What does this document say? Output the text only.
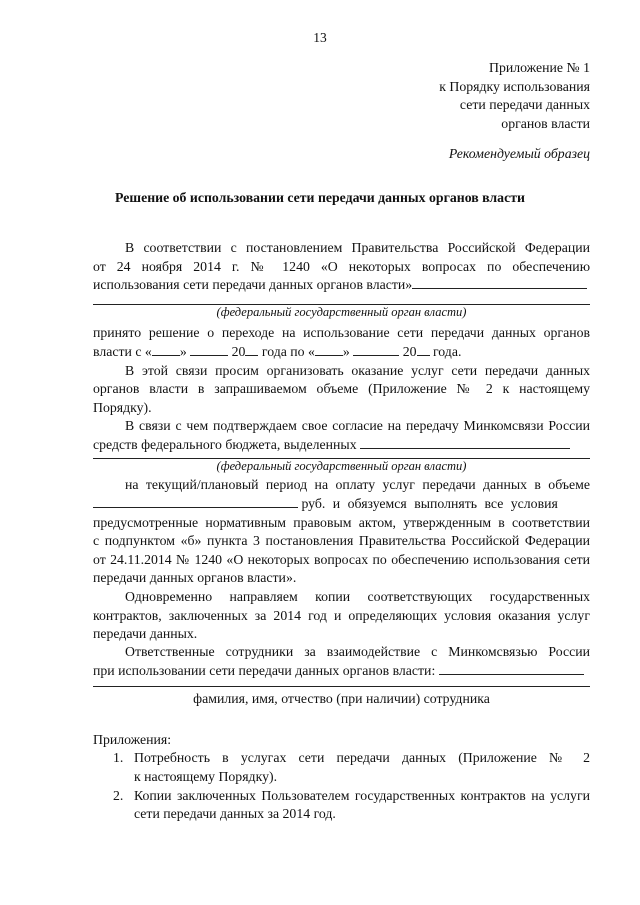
13
Приложение № 1
к Порядку использования
сети передачи данных
органов власти
Рекомендуемый образец
Решение об использовании сети передачи данных органов власти
В соответствии с постановлением Правительства Российской Федерации
от 24 ноября 2014 г. № 1240 «О некоторых вопросах по обеспечению
использования сети передачи данных органов власти»
(федеральный государственный орган власти)
принято решение о переходе на использование сети передачи данных органов
власти с « »	20 года по « »	20 года.
В этой связи просим организовать оказание услуг сети передачи данных
органов власти в запрашиваемом объеме (Приложение № 2 к настоящему
Порядку).
В связи с чем подтверждаем свое согласие на передачу Минкомсвязи России
средств федерального бюджета, выделенных
(федеральный государственный орган власти)
на текущий/плановый период на оплату услуг передачи данных в объеме
руб. и обязуемся выполнять все условия
предусмотренные нормативным правовым актом, утвержденным в соответствии
с подпунктом «б» пункта 3 постановления Правительства Российской Федерации
от 24.11.2014 № 1240 «О некоторых вопросах по обеспечению использования сети
передачи данных органов власти».
Одновременно направляем копии соответствующих государственных
контрактов, заключенных за 2014 год и определяющих условия оказания услуг
передачи данных.
Ответственные сотрудники за взаимодействие с Минкомсвязью России
при использовании сети передачи данных органов власти:
фамилия, имя, отчество (при наличии) сотрудника
Приложения:
1. Потребность в услугах сети передачи данных (Приложение № 2
к настоящему Порядку).
2. Копии заключенных Пользователем государственных контрактов на услуги
сети передачи данных за 2014 год.
